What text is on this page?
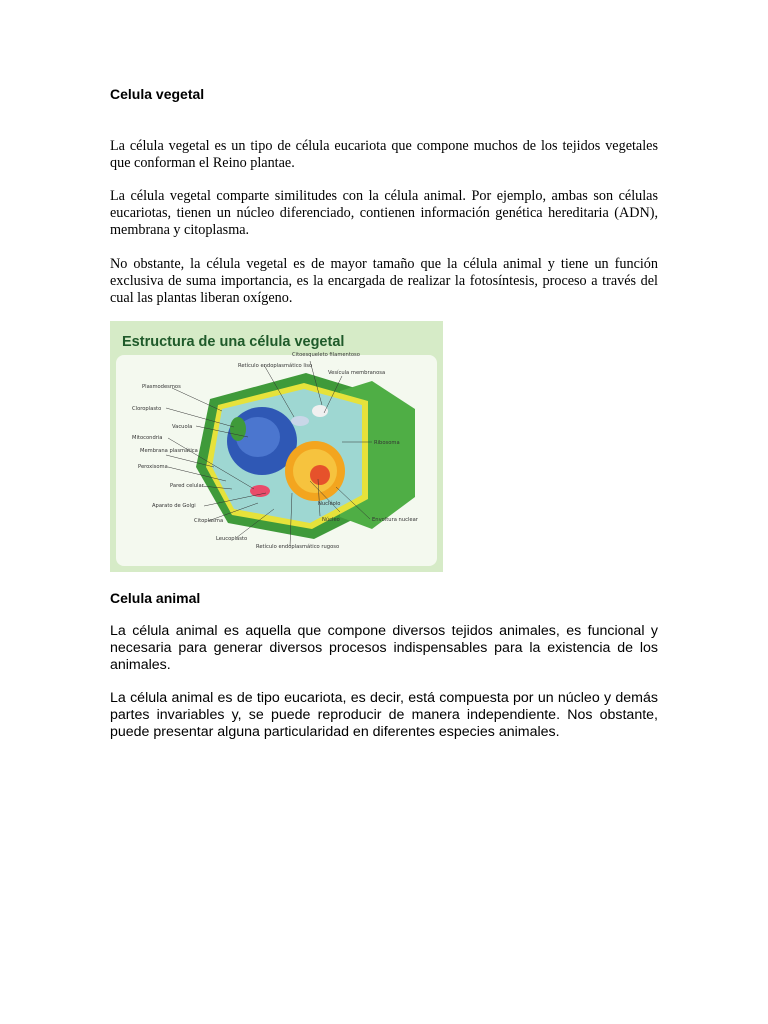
Celula vegetal
La célula vegetal es un tipo de célula eucariota que compone muchos de los tejidos vegetales que conforman el Reino plantae.
La célula vegetal comparte similitudes con la célula animal. Por ejemplo, ambas son células eucariotas, tienen un núcleo diferenciado, contienen información genética hereditaria (ADN), membrana y citoplasma.
No obstante, la célula vegetal es de mayor tamaño que la célula animal y tiene un función exclusiva de suma importancia, es la encargada de realizar la fotosíntesis, proceso a través del cual las plantas liberan oxígeno.
Celula animal
La célula animal es aquella que compone diversos tejidos animales, es funcional y necesaria para generar diversos procesos indispensables para la existencia de los animales.
La célula animal es de tipo eucariota, es decir, está compuesta por un núcleo y demás partes invariables y, se puede reproducir de manera independiente. Nos obstante, puede presentar alguna particularidad en diferentes especies animales.
Estructura de una célula vegetal
Citoesqueleto filamentoso
Retículo endoplasmático liso
Vesícula membranosa
Plasmodesmos
Cloroplasto
Vacuola
Ribosoma
Mitocondria
Membrana plasmática
Peroxisoma
Pared celular
Nucléolo
Aparato de Golgi
Núcleo	Envoltura nuclear
Citoplasma
Leucoplasto
Retículo endoplasmático rugoso
